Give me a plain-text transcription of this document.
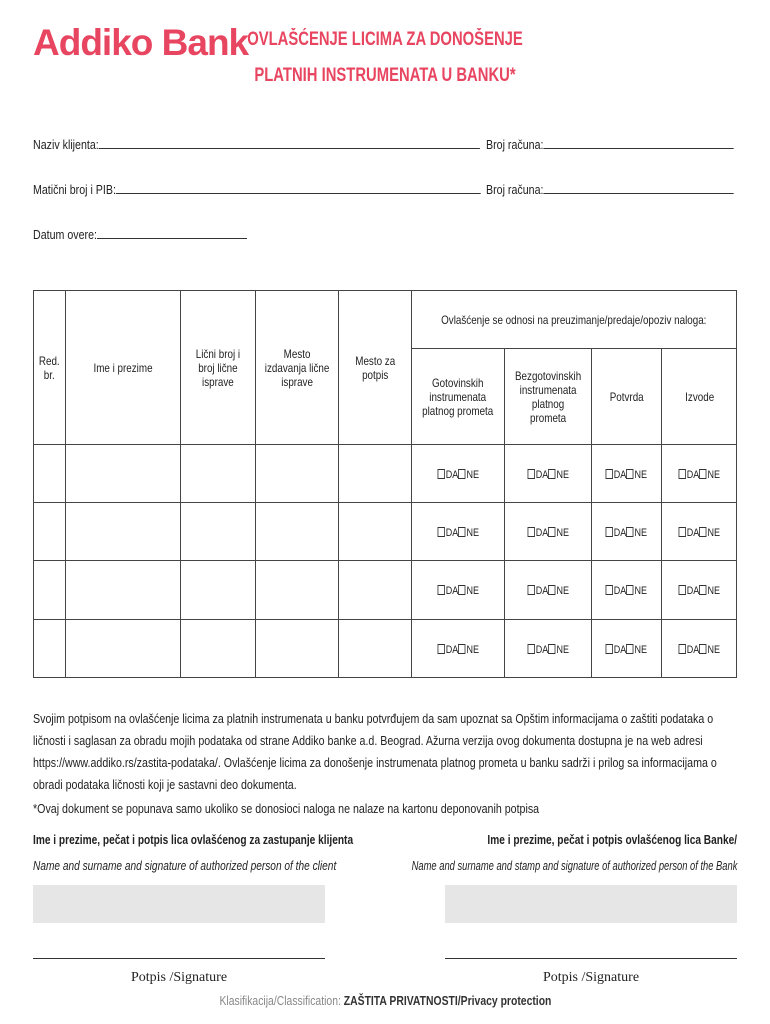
Addiko Bank OVLAŠĆENJE LICIMA ZA DONOŠENJE
PLATNIH INSTRUMENATA U BANKU*
Naziv klijenta:	Broj računa:
Matični broj i PIB:	Broj računa:
Datum overe:
Red. br.	Ime i prezime	Lični broj i broj lične isprave	Mesto izdavanja lične isprave	Mesto za potpis	Ovlašćenje se odnosi na preuzimanje/predaje/opoziv naloga:			
					Gotovinskih instrumenata platnog prometa	Bezgotovinskih instrumenata platnog prometa	Potvrda	Izvode
					DA NE	DA NE	DA NE	DA NE
					DA NE	DA NE	DA NE	DA NE
					DA NE	DA NE	DA NE	DA NE
					DA NE	DA NE	DA NE	DA NE
Svojim potpisom na ovlašćenje licima za platnih instrumenata u banku potvrđujem da sam upoznat sa Opštim informacijama o zaštiti podataka o ličnosti i saglasan za obradu mojih podataka od strane Addiko banke a.d. Beograd. Ažurna verzija ovog dokumenta dostupna je na web adresi https://www.addiko.rs/zastita-podataka/. Ovlašćenje licima za donošenje instrumenata platnog prometa u banku sadrži i prilog sa informacijama o obradi podataka ličnosti koji je sastavni deo dokumenta.
*Ovaj dokument se popunava samo ukoliko se donosioci naloga ne nalaze na kartonu deponovanih potpisa
Ime i prezime, pečat i potpis lica ovlašćenog za zastupanje klijenta
Name and surname and signature of authorized person of the client
Ime i prezime, pečat i potpis ovlašćenog lica Banke/
Name and surname and stamp and signature of authorized person of the Bank
Potpis /Signature	Potpis /Signature
Klasifikacija/Classification: ZAŠTITA PRIVATNOSTI/Privacy protection
